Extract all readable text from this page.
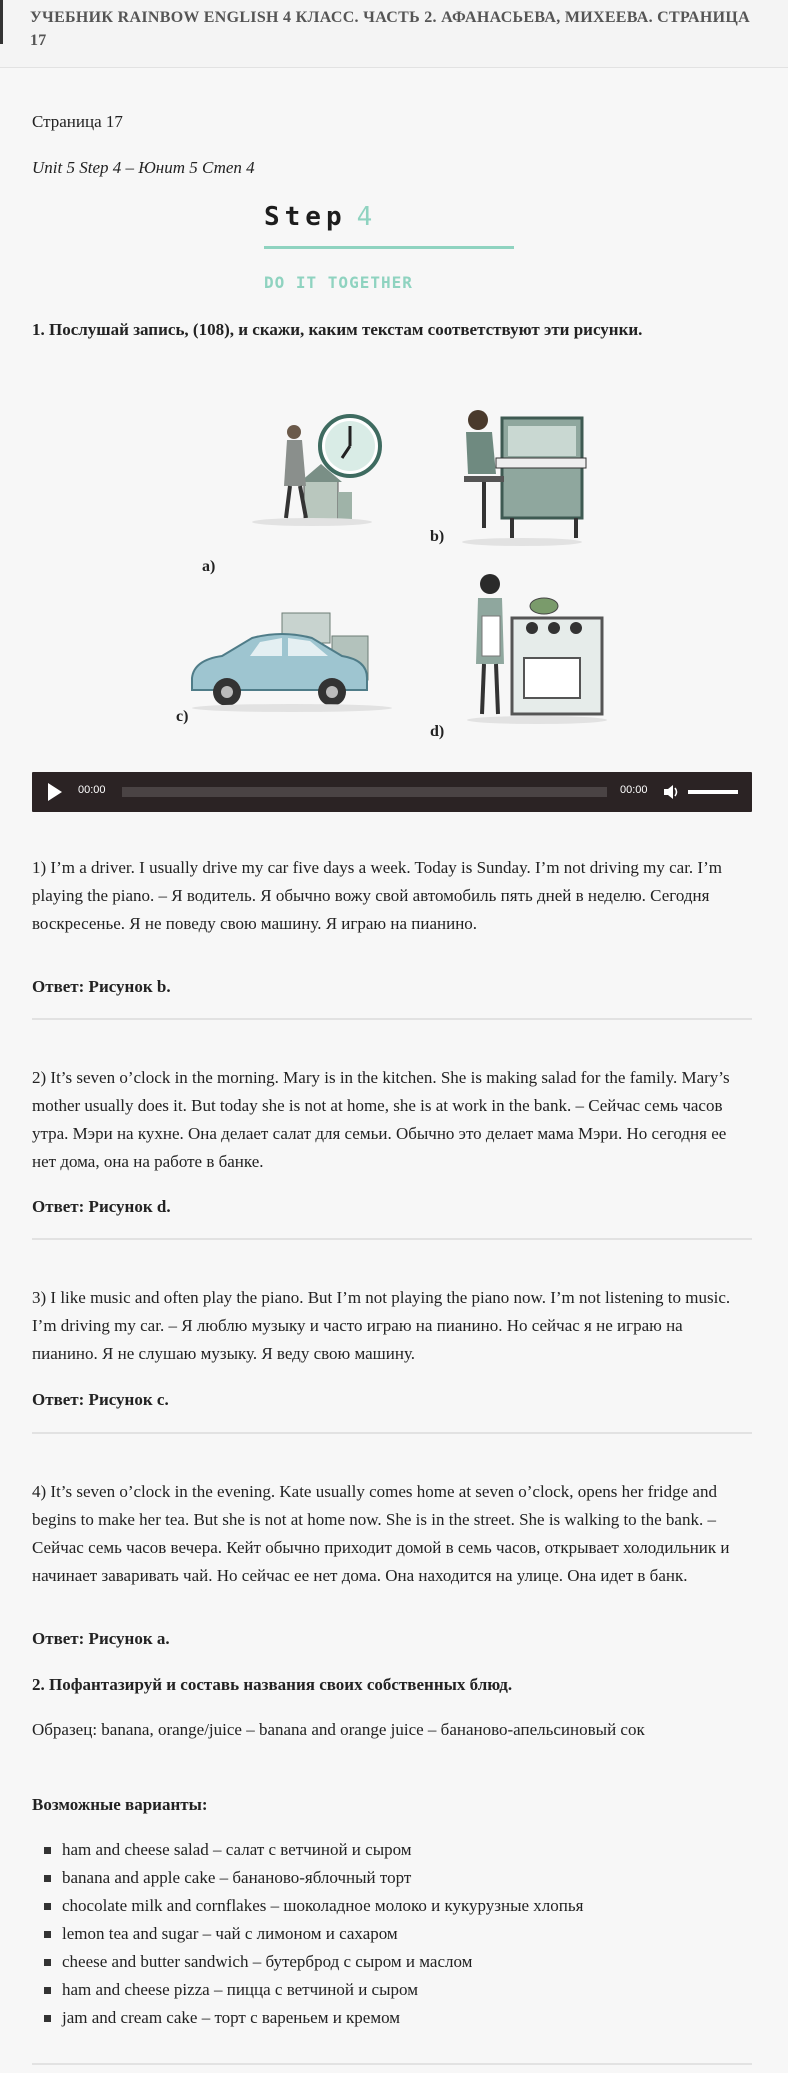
УЧЕБНИК RAINBOW ENGLISH 4 КЛАСС. ЧАСТЬ 2. АФАНАСЬЕВА, МИХЕЕВА. СТРАНИЦА 17

Страница 17

Unit 5 Step 4 – Юнит 5 Степ 4

Step 4
DO IT TOGETHER

1. Послушай запись, (108), и скажи, каким текстам соответствуют эти рисунки.

a)
b)
c)
d)
00:00	00:00

1) I’m a driver. I usually drive my car five days a week. Today is Sunday. I’m not driving my car. I’m playing the piano. – Я водитель. Я обычно вожу свой автомобиль пять дней в неделю. Сегодня воскресенье. Я не поведу свою машину. Я играю на пианино.

Ответ: Рисунок b.

2) It’s seven o’clock in the morning. Mary is in the kitchen. She is making salad for the family. Mary’s mother usually does it. But today she is not at home, she is at work in the bank. – Сейчас семь часов утра. Мэри на кухне. Она делает салат для семьи. Обычно это делает мама Мэри. Но сегодня ее нет дома, она на работе в банке.

Ответ: Рисунок d.

3) I like music and often play the piano. But I’m not playing the piano now. I’m not listening to music. I’m driving my car. – Я люблю музыку и часто играю на пианино. Но сейчас я не играю на пианино. Я не слушаю музыку. Я веду свою машину.

Ответ: Рисунок c.

4) It’s seven o’clock in the evening. Kate usually comes home at seven o’clock, opens her fridge and begins to make her tea. But she is not at home now. She is in the street. She is walking to the bank. – Сейчас семь часов вечера. Кейт обычно приходит домой в семь часов, открывает холодильник и начинает заваривать чай. Но сейчас ее нет дома. Она находится на улице. Она идет в банк.

Ответ: Рисунок a.

2. Пофантазируй и составь названия своих собственных блюд.

Образец: banana, orange/juice – banana and orange juice – бананово-апельсиновый сок

Возможные варианты:

ham and cheese salad – салат с ветчиной и сыром
banana and apple cake – бананово-яблочный торт
chocolate milk and cornflakes – шоколадное молоко и кукурузные хлопья
lemon tea and sugar – чай с лимоном и сахаром
cheese and butter sandwich – бутерброд с сыром и маслом
ham and cheese pizza – пицца с ветчиной и сыром
jam and cream cake – торт с вареньем и кремом
